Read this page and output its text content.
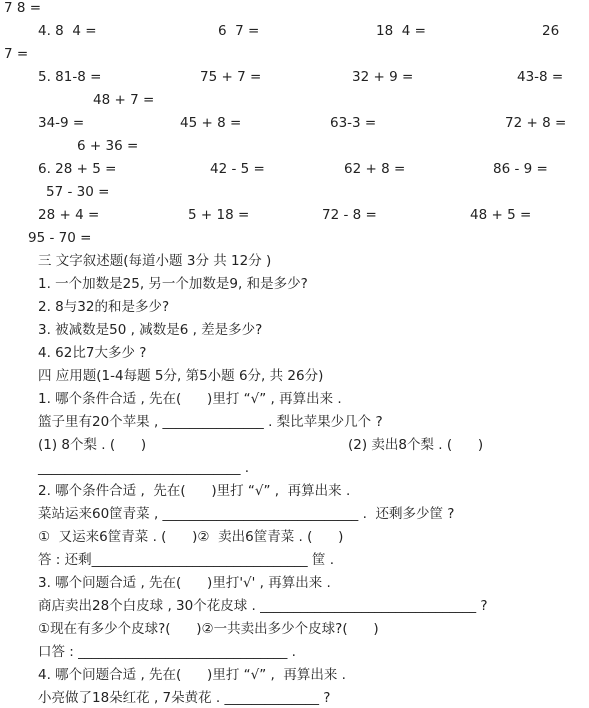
7 8 =
4. 8  4 =	6  7 =	18  4 =	26
7 =
5. 81-8 =	75 + 7 =	32 + 9 =	43-8 =
48 + 7 =
34-9 =	45 + 8 =	63-3 =	72 + 8 =
6 + 36 =
6. 28 + 5 =	42 - 5 =	62 + 8 =	86 - 9 =
57 - 30 =
28 + 4 =	5 + 18 =	72 - 8 =	48 + 5 =
95 - 70 =
三 文字叙述题(每道小题 3分 共 12分 )
1. 一个加数是25, 另一个加数是9, 和是多少?
2. 8与32的和是多少?
3. 被减数是50 , 减数是6 , 差是多少?
4. 62比7大多少 ?
四 应用题(1-4每题 5分, 第5小题 6分, 共 26分)
1. 哪个条件合适 , 先在(      )里打 “√” , 再算出来 .
篮子里有20个苹果 , _______________ . 梨比苹果少几个 ?
(1) 8个梨 . (      )	(2) 卖出8个梨 . (      )
______________________________ .
2. 哪个条件合适 ,  先在(      )里打 “√” ,  再算出来 .
菜站运来60筐青菜 , _____________________________ .  还剩多少筐 ?
①  又运来6筐青菜 . (      )②  卖出6筐青菜 . (      )
答 : 还剩________________________________ 筐 .
3. 哪个问题合适 , 先在(      )里打'√' , 再算出来 .
商店卖出28个白皮球 , 30个花皮球 . ________________________________ ?
①现在有多少个皮球?(      )②一共卖出多少个皮球?(      )
口答 : _______________________________ .
4. 哪个问题合适 , 先在(      )里打 “√” ,  再算出来 .
小亮做了18朵红花 , 7朵黄花 . ______________ ?
